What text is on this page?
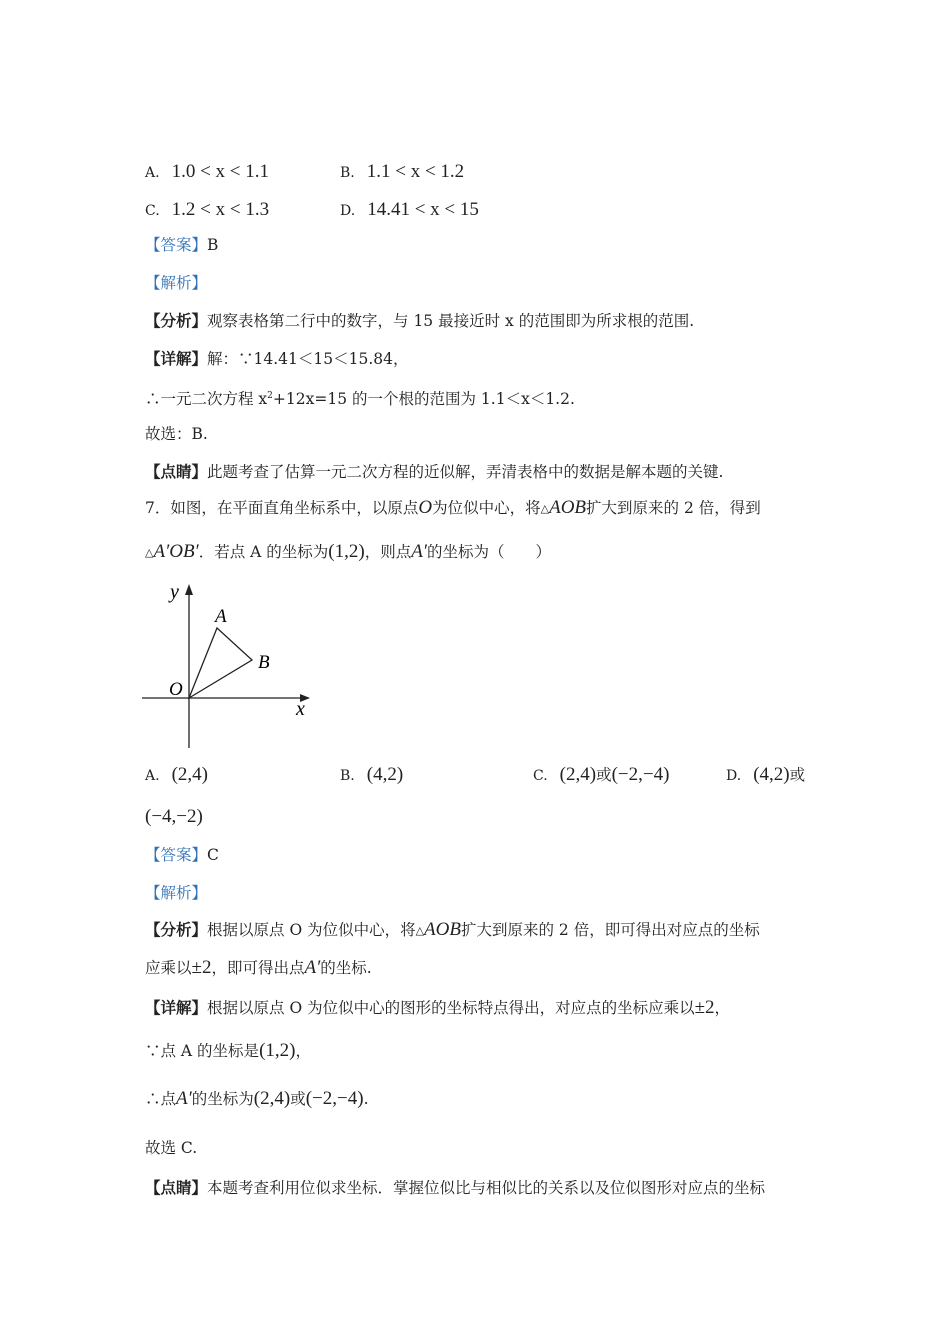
A. 1.0 < x < 1.1	B. 1.1 < x < 1.2
C. 1.2 < x < 1.3	D. 14.41 < x < 15
【答案】B
【解析】
【分析】观察表格第二行中的数字，与 15 最接近时 x 的范围即为所求根的范围.
【详解】解：∵14.41＜15＜15.84，
∴一元二次方程 $x^2+12x=15$ 的一个根的范围为 1.1＜x＜1.2.
故选：B.
【点睛】此题考查了估算一元二次方程的近似解，弄清表格中的数据是解本题的关键.
7．如图，在平面直角坐标系中，以原点O为位似中心，将△AOB扩大到原来的 2 倍，得到
△A′OB′．若点 A 的坐标为(1,2)，则点A′的坐标为（　　）
y
x
O
A
B
A. (2,4)	B. (4,2)	C. (2,4)或(−2,−4)	D. (4,2)或
(−4,−2)
【答案】C
【解析】
【分析】根据以原点 O 为位似中心，将△AOB扩大到原来的 2 倍，即可得出对应点的坐标
应乘以±2，即可得出点A′的坐标.
【详解】根据以原点 O 为位似中心的图形的坐标特点得出，对应点的坐标应乘以±2，
∵点 A 的坐标是(1,2)，
∴点A′的坐标为(2,4)或(−2,−4).
故选 C.
【点睛】本题考查利用位似求坐标．掌握位似比与相似比的关系以及位似图形对应点的坐标
